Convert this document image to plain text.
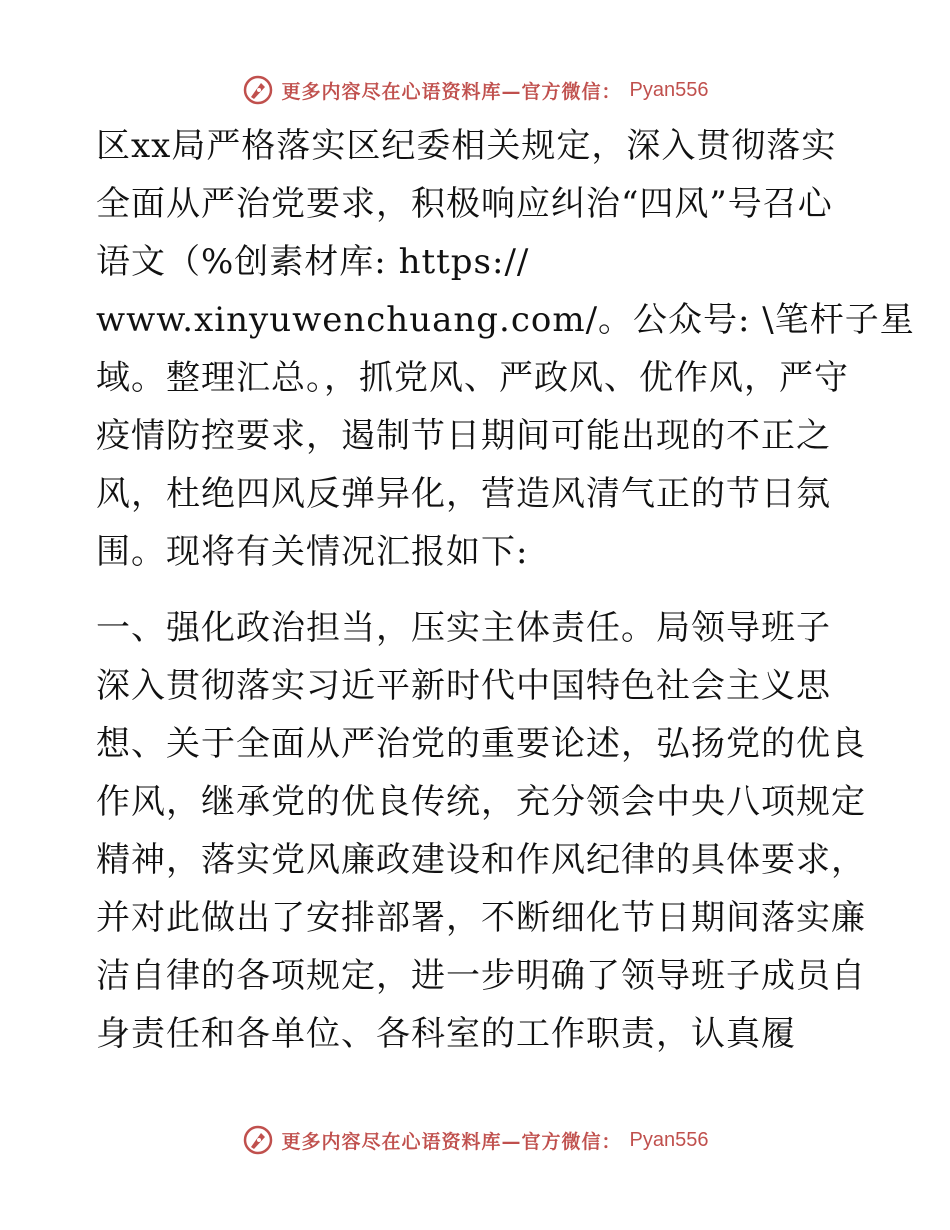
更多内容尽在心语资料库—官方微信： Pyan556
区xx局严格落实区纪委相关规定，深入贯彻落实
全面从严治党要求，积极响应纠治“四风”号召心
语文（%创素材库: https://
www.xinyuwenchuang.com/。公众号: \笔杆子星
域。整理汇总。，抓党风、严政风、优作风，严守
疫情防控要求，遏制节日期间可能出现的不正之
风，杜绝四风反弹异化，营造风清气正的节日氛
围。现将有关情况汇报如下:
一、强化政治担当，压实主体责任。局领导班子
深入贯彻落实习近平新时代中国特色社会主义思
想、关于全面从严治党的重要论述，弘扬党的优良
作风，继承党的优良传统，充分领会中央八项规定
精神，落实党风廉政建设和作风纪律的具体要求，
并对此做出了安排部署，不断细化节日期间落实廉
洁自律的各项规定，进一步明确了领导班子成员自
身责任和各单位、各科室的工作职责，认真履
更多内容尽在心语资料库—官方微信： Pyan556
